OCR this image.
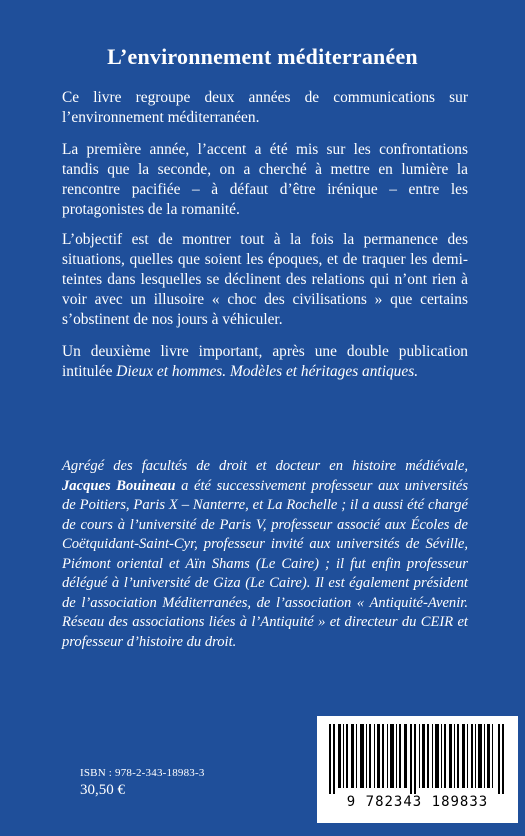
L’environnement méditerranéen

Ce livre regroupe deux années de communications sur l’environnement méditerranéen.

La première année, l’accent a été mis sur les confrontations tandis que la seconde, on a cherché à mettre en lumière la rencontre pacifiée – à défaut d’être irénique – entre les protagonistes de la romanité.

L’objectif est de montrer tout à la fois la permanence des situations, quelles que soient les époques, et de traquer les demi-teintes dans lesquelles se déclinent des relations qui n’ont rien à voir avec un illusoire « choc des civilisations » que certains s’obstinent de nos jours à véhiculer.

Un deuxième livre important, après une double publication intitulée Dieux et hommes. Modèles et héritages antiques.

Agrégé des facultés de droit et docteur en histoire médiévale, Jacques Bouineau a été successivement professeur aux universités de Poitiers, Paris X – Nanterre, et La Rochelle ; il a aussi été chargé de cours à l’université de Paris V, professeur associé aux Écoles de Coëtquidant-Saint-Cyr, professeur invité aux universités de Séville, Piémont oriental et Aïn Shams (Le Caire) ; il fut enfin professeur délégué à l’université de Giza (Le Caire). Il est également président de l’association Méditerranées, de l’association « Antiquité-Avenir. Réseau des associations liées à l’Antiquité » et directeur du CEIR et professeur d’histoire du droit.
ISBN : 978-2-343-18983-3
30,50 €
9 782343 189833
